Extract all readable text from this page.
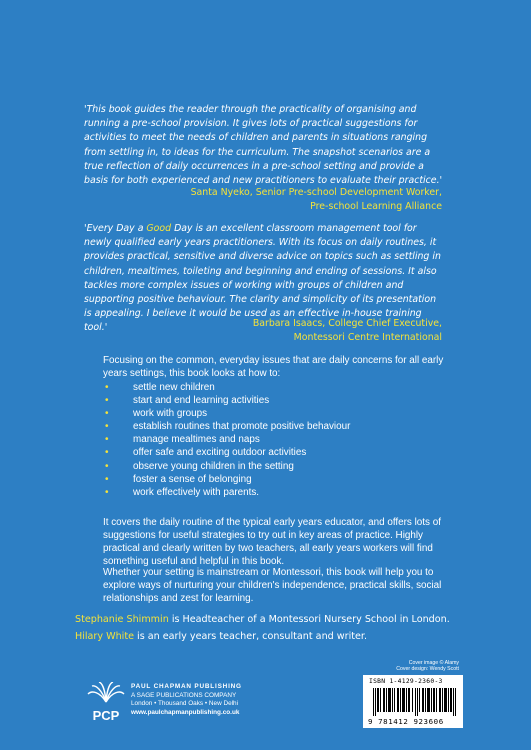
'This book guides the reader through the practicality of organising and running a pre-school provision. It gives lots of practical suggestions for activities to meet the needs of children and parents in situations ranging from settling in, to ideas for the curriculum. The snapshot scenarios are a true reflection of daily occurrences in a pre-school setting and provide a basis for both experienced and new practitioners to evaluate their practice.'

Santa Nyeko, Senior Pre-school Development Worker,
Pre-school Learning Alliance

'Every Day a Good Day is an excellent classroom management tool for newly qualified early years practitioners. With its focus on daily routines, it provides practical, sensitive and diverse advice on topics such as settling in children, mealtimes, toileting and beginning and ending of sessions. It also tackles more complex issues of working with groups of children and supporting positive behaviour. The clarity and simplicity of its presentation is appealing. I believe it would be used as an effective in-house training tool.'	Barbara Isaacs, College Chief Executive,
Montessori Centre International

Focusing on the common, everyday issues that are daily concerns for all early years settings, this book looks at how to:

• settle new children
• start and end learning activities
• work with groups
• establish routines that promote positive behaviour
• manage mealtimes and naps
• offer safe and exciting outdoor activities
• observe young children in the setting
• foster a sense of belonging
• work effectively with parents.

It covers the daily routine of the typical early years educator, and offers lots of suggestions for useful strategies to try out in key areas of practice. Highly practical and clearly written by two teachers, all early years workers will find something useful and helpful in this book.

Whether your setting is mainstream or Montessori, this book will help you to explore ways of nurturing your children's independence, practical skills, social relationships and zest for learning.

Stephanie Shimmin is Headteacher of a Montessori Nursery School in London.
Hilary White is an early years teacher, consultant and writer.
Cover image © Alamy
Cover design: Wendy Scott
ISBN 1-4129-2360-3
9 781412 923606
PCP
PAUL CHAPMAN PUBLISHING
A SAGE PUBLICATIONS COMPANY
London • Thousand Oaks • New Delhi
www.paulchapmanpublishing.co.uk
